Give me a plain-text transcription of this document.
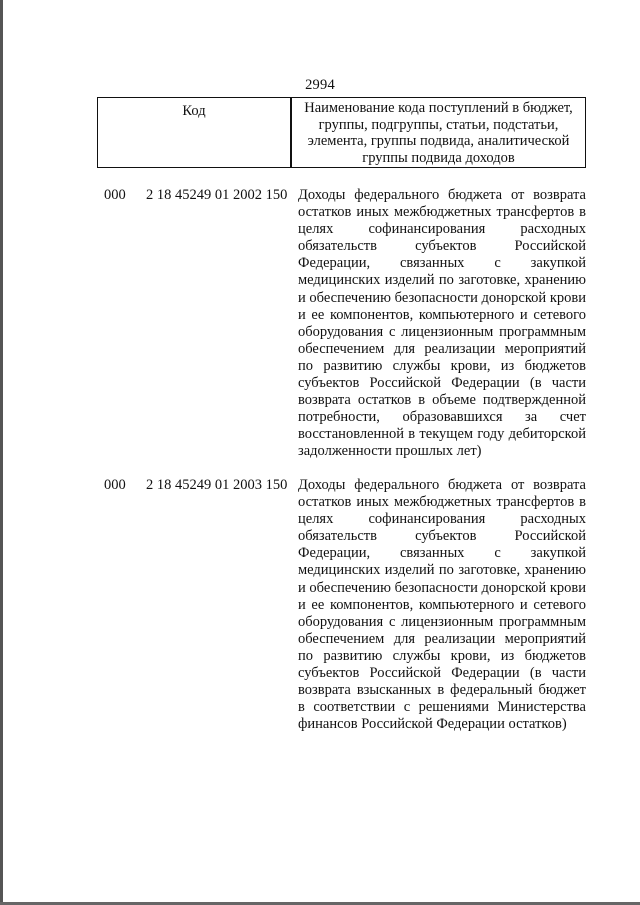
2994
Код	Наименование кода поступлений в бюджет, группы, подгруппы, статьи, подстатьи, элемента, группы подвида, аналитической группы подвида доходов
000 2 18 45249 01 2002 150 Доходы федерального бюджета от возврата остатков иных межбюджетных трансфертов в целях софинансирования расходных обязательств субъектов Российской Федерации, связанных с закупкой медицинских изделий по заготовке, хранению и обеспечению безопасности донорской крови и ее компонентов, компьютерного и сетевого оборудования с лицензионным программным обеспечением для реализации мероприятий по развитию службы крови, из бюджетов субъектов Российской Федерации (в части возврата остатков в объеме подтвержденной потребности, образовавшихся за счет восстановленной в текущем году дебиторской задолженности прошлых лет)
000 2 18 45249 01 2003 150 Доходы федерального бюджета от возврата остатков иных межбюджетных трансфертов в целях софинансирования расходных обязательств субъектов Российской Федерации, связанных с закупкой медицинских изделий по заготовке, хранению и обеспечению безопасности донорской крови и ее компонентов, компьютерного и сетевого оборудования с лицензионным программным обеспечением для реализации мероприятий по развитию службы крови, из бюджетов субъектов Российской Федерации (в части возврата взысканных в федеральный бюджет в соответствии с решениями Министерства финансов Российской Федерации остатков)
